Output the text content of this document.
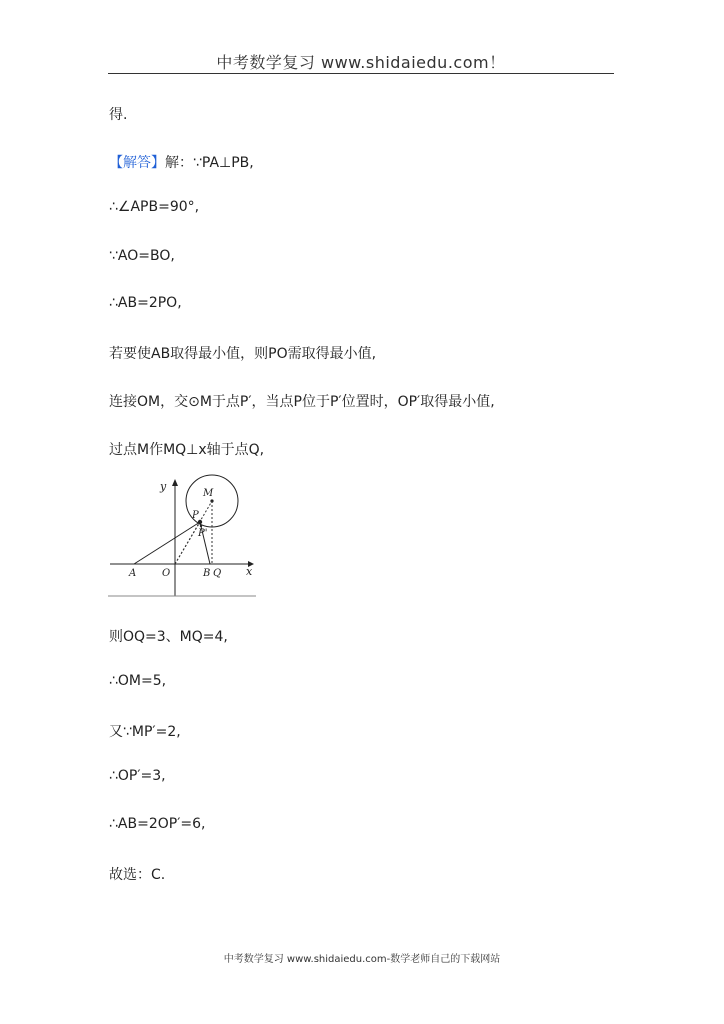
中考数学复习 www.shidaiedu.com！
得.
【解答】解：∵PA⊥PB,
∴∠APB=90°,
∵AO=BO,
∴AB=2PO,
若要使AB取得最小值，则PO需取得最小值,
连接OM，交⊙M于点P′，当点P位于P′位置时，OP′取得最小值,
过点M作MQ⊥x轴于点Q,
y
x
M
P
P'
A	O	B Q
则OQ=3、MQ=4,
∴OM=5,
又∵MP′=2,
∴OP′=3,
∴AB=2OP′=6,
故选：C.
中考数学复习 www.shidaiedu.com-数学老师自己的下载网站
